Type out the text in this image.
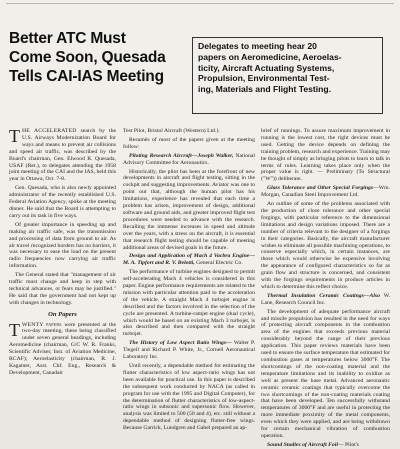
Better ATC Must
Come Soon, Quesada
Tells CAI-IAS Meeting
Delegates to meeting hear 20
papers on Aeromedicine, Aeroelas-
ticity, Aircraft Actuating Systems,
Propulsion, Environmental Test-
ing, Materials and Flight Testing.

THE ACCELERATED search by the U.S. Airways Modernization Board for ways and means to prevent air collisions and speed air traffic, was described by the Board's chairman, Gen. Elwood R. Quesada, USAF (Ret.), to delegates attending the 1958 joint meeting of the CAI and the IAS, held this year in Ottawa, Oct. 7-8.

Gen. Quesada, who is also newly appointed administrator of the recently established U.S. Federal Aviation Agency, spoke at the meeting dinner. He said that the Board is attempting to carry out its task in five ways.

Of greater importance in speeding up and making air traffic safe, was the transmission and processing of data from ground to air. As air travel recognized borders has no barriers, it was necessary to ease the load on the present radio frequencies now carrying air traffic information.

The General stated that "management of air traffic must change and keep in step with technical advances, or fears may be justified." He said that the government had not kept up with changes in technology.

On Papers

TWENTY papers were presented at the two-day meeting, these being classified under seven general headings, including Aeromedicine (chairman, G/C W. R. Franks, Scientific Adviser, Inst. of Aviation Medicine, RCAF); Aeroelasticity (chairman, R. J. Kagamer, Asst. Chf. Eng., Research & Development, Canadair

Test Pilot, Bristol Aircraft (Western) Ltd.).

Resumés of most of the papers given at the meeting follow:

Piloting Research Aircraft—Joseph Walker, National Advisory Committee for Aeronautics.

Historically, the pilot has been at the forefront of new developments in aircraft and flight testing, sitting in the cockpit and suggesting improvements. Aviator was one to point out that, although the human pilot has his limitations, experience has revealed that each time a problem has arisen, improvement of design, additional software and ground aids, and greater improved flight test procedures were needed to advance with the research. Recalling the immense increases in speed and altitude over the years, with a stress on the aircraft, it is essential that research flight testing should be capable of meeting additional areas of devised goals in the future.

Design and Application of Mach 4 Vacbra Engine—M. A. Tipfort and R. V. Belotti, General Electric Co.

The performance of turbine engines designed to permit self-accelerating Mach 4 vehicles is considered in this paper. Engine performance requirements are related to the mission with particular attention paid to the acceleration of the vehicle. A straight Mach 4 turbojet engine is described and the factors involved in the selection of the cycle are presented. A turbine-ramjet engine (dual cycle), which would be based on an existing Mach 3 turbojet, is also described and then compared with the straight turbojet.

The History of Low Aspect Ratio Wings— Walter P. Tiegell and Richard P. White, Jr., Cornell Aeronautical Laboratory Inc.

Until recently, a dependable method for estimating the flutter characteristics of low aspect-ratio wings has not been available for practical use. In this paper is described the subsequent work conducted by NACA (as called in program for use with the 1995 and Digital Computer), for the determination of flutter characteristics of low-aspect-ratio wings in subsonic and supersonic flow. However, analysis was limited to 500 (50 and 4), etc. still without a dependable method of designing flutter-free wings. Because Garrick, Lundgren and Gabel prepared an ap-

brief of runnings. To assure maximum improvement in running is the lowest cost, the right devices must be used. Getting the device depends on defining the training problem, research and experience. Training may be thought of simply as bringing pilots to learn to talk in terms of rules. Learning takes place only when the proper value is right. — Preliminary (To Structural ("W")) deliberate.

Glass Tolerance and Other Special Forgings—Wm. Morgan, Canadian Steel Improvement Ltd.

An outline of some of the problems associated with the production of close tolerance and other special forgings, with particular reference to the dimensional limitations and design variations imposed. There are a number of criteria relevant to the designer of a forgings in their categories. Basically, the aircraft manufacturer wishes to eliminate all possible machining operations, to conserve especially which, in certain instances, are those which would otherwise be expensive involving the appearance of configured characteristics so far as grain flow and structure is concerned, and consistent with the forgings requirements in produce articles in which to determine this reflect choice.

Thermal Insulation Ceramic Coatings—Also W. Lane, Research Council Inc.

The development of adequate performance aircraft and missile propulsion has resulted in the need for ways of protecting aircraft components in the combustion area of the engines that exceeds previous material considerably beyond the range of their previous application. This paper reviews materials have been used to ensure the surface temperature that estimated for combustion gases at temperatures below 3000°F. The shortcomings of the non-coating material and the temperature limitations and its inability to oxidize as well as present the base metal. Advanced aeronautic ceramic ceramic coatings that typically overcome the two shortcomings of the non-coating materials coating that have been developed. Ten successfully withstand temperatures of 3000°F and are useful in protecting the more immediate proximity of the metal components, even which they were applied, and are being withdrawn for certain mechanical vibration of combustion operation.

Sound Studies of Aircraft Foil— Pilot's
